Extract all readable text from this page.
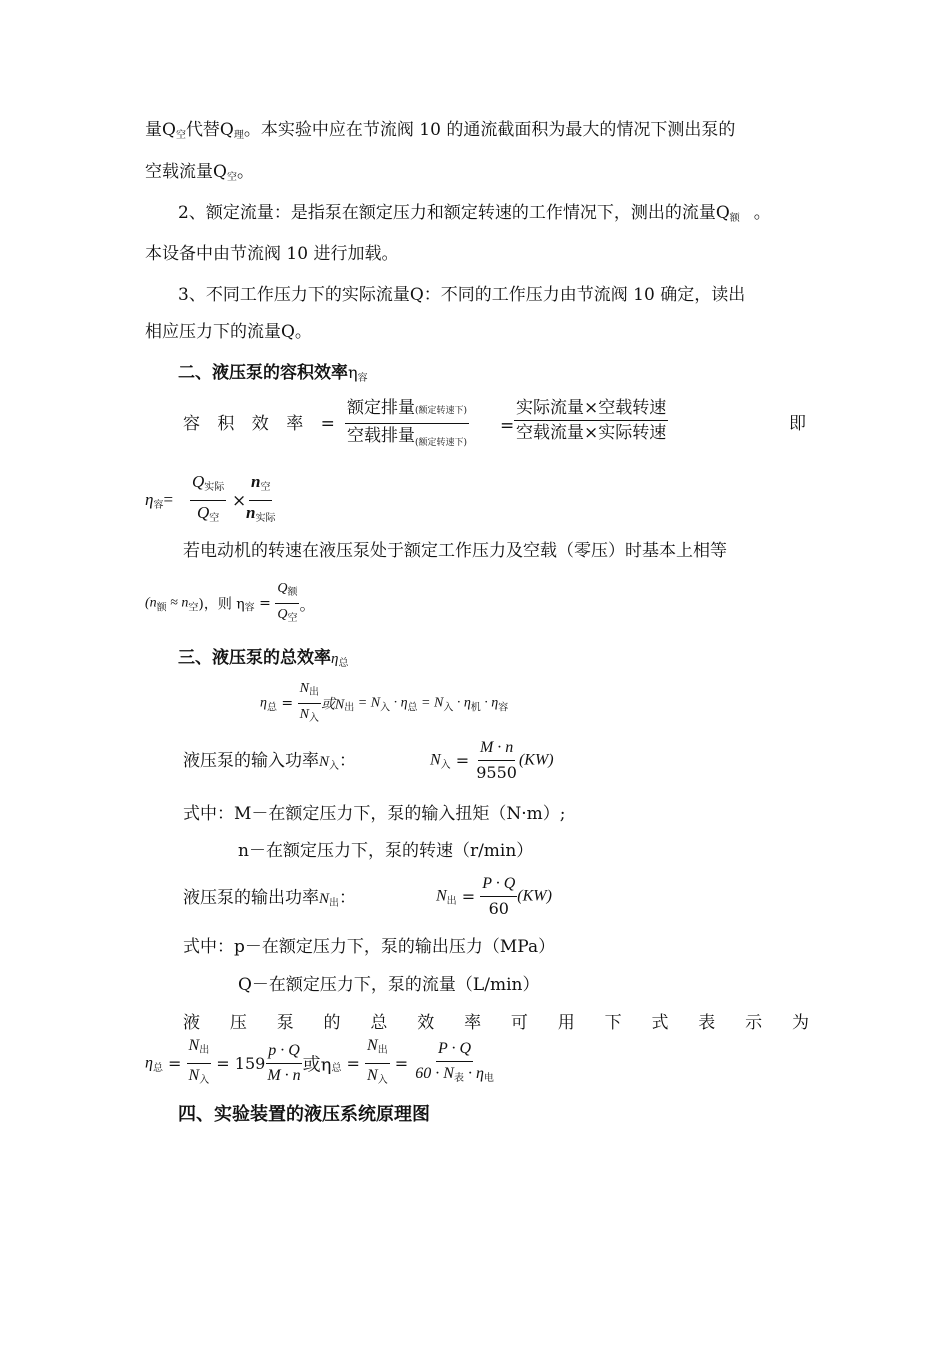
量$Q_空$代替$Q_理$。本实验中应在节流阀 10 的通流截面积为最大的情况下测出泵的
空载流量$Q_空$。
2、额定流量：是指泵在额定压力和额定转速的工作情况下，测出的流量$Q_额$ 。
本设备中由节流阀 10 进行加载。
3、不同工作压力下的实际流量Q：不同的工作压力由节流阀 10 确定，读出
相应压力下的流量Q。
二、液压泵的容积效率$\eta_容$
容 积 效 率 = $\frac{\text{额定排量(额定转速下)}}{空载排量_{(额定转速下)}} = \frac{\text{实际流量×空载转速}}{\text{空载流量×实际转速}}$	即
$\eta_容= \frac{Q_{实际}}{Q_空}$ ×
$\frac{n_空}{n_{实际}}$
若电动机的转速在液压泵处于额定工作压力及空载（零压）时基本上相等
$(n_额 \approx n_空)$，则 $\eta_容 = \frac{Q_额}{Q_空}$ 。
三、液压泵的总效率$\eta_总$
$\eta_总 = \frac{N_出}{N_入}$ 或$N_出 = N_入 \cdot \eta_总 = N_入 \cdot \eta_机 \cdot \eta_容$
液压泵的输入功率$N_入$：	$N_入 = \frac{M \cdot n}{9550} (KW)$
式中：M－在额定压力下，泵的输入扭矩（N·m）;
n－在额定压力下，泵的转速（r/min）
液压泵的输出功率$N_出$：	$N_出 = \frac{P \cdot Q}{60} (KW)$
式中：p－在额定压力下，泵的输出压力（MPa）
Q－在额定压力下，泵的流量（L/min）
液 压 泵 的 总 效 率 可 用 下 式 表 示 为
$\eta_总 = \frac{N_出}{N_入} = 159 \frac{p \cdot Q}{M \cdot n}$ 或$\eta_总 = \frac{N_出}{N_入} = \frac{P \cdot Q}{60 \cdot N_表 \cdot \eta_电}$
四、实验装置的液压系统原理图
